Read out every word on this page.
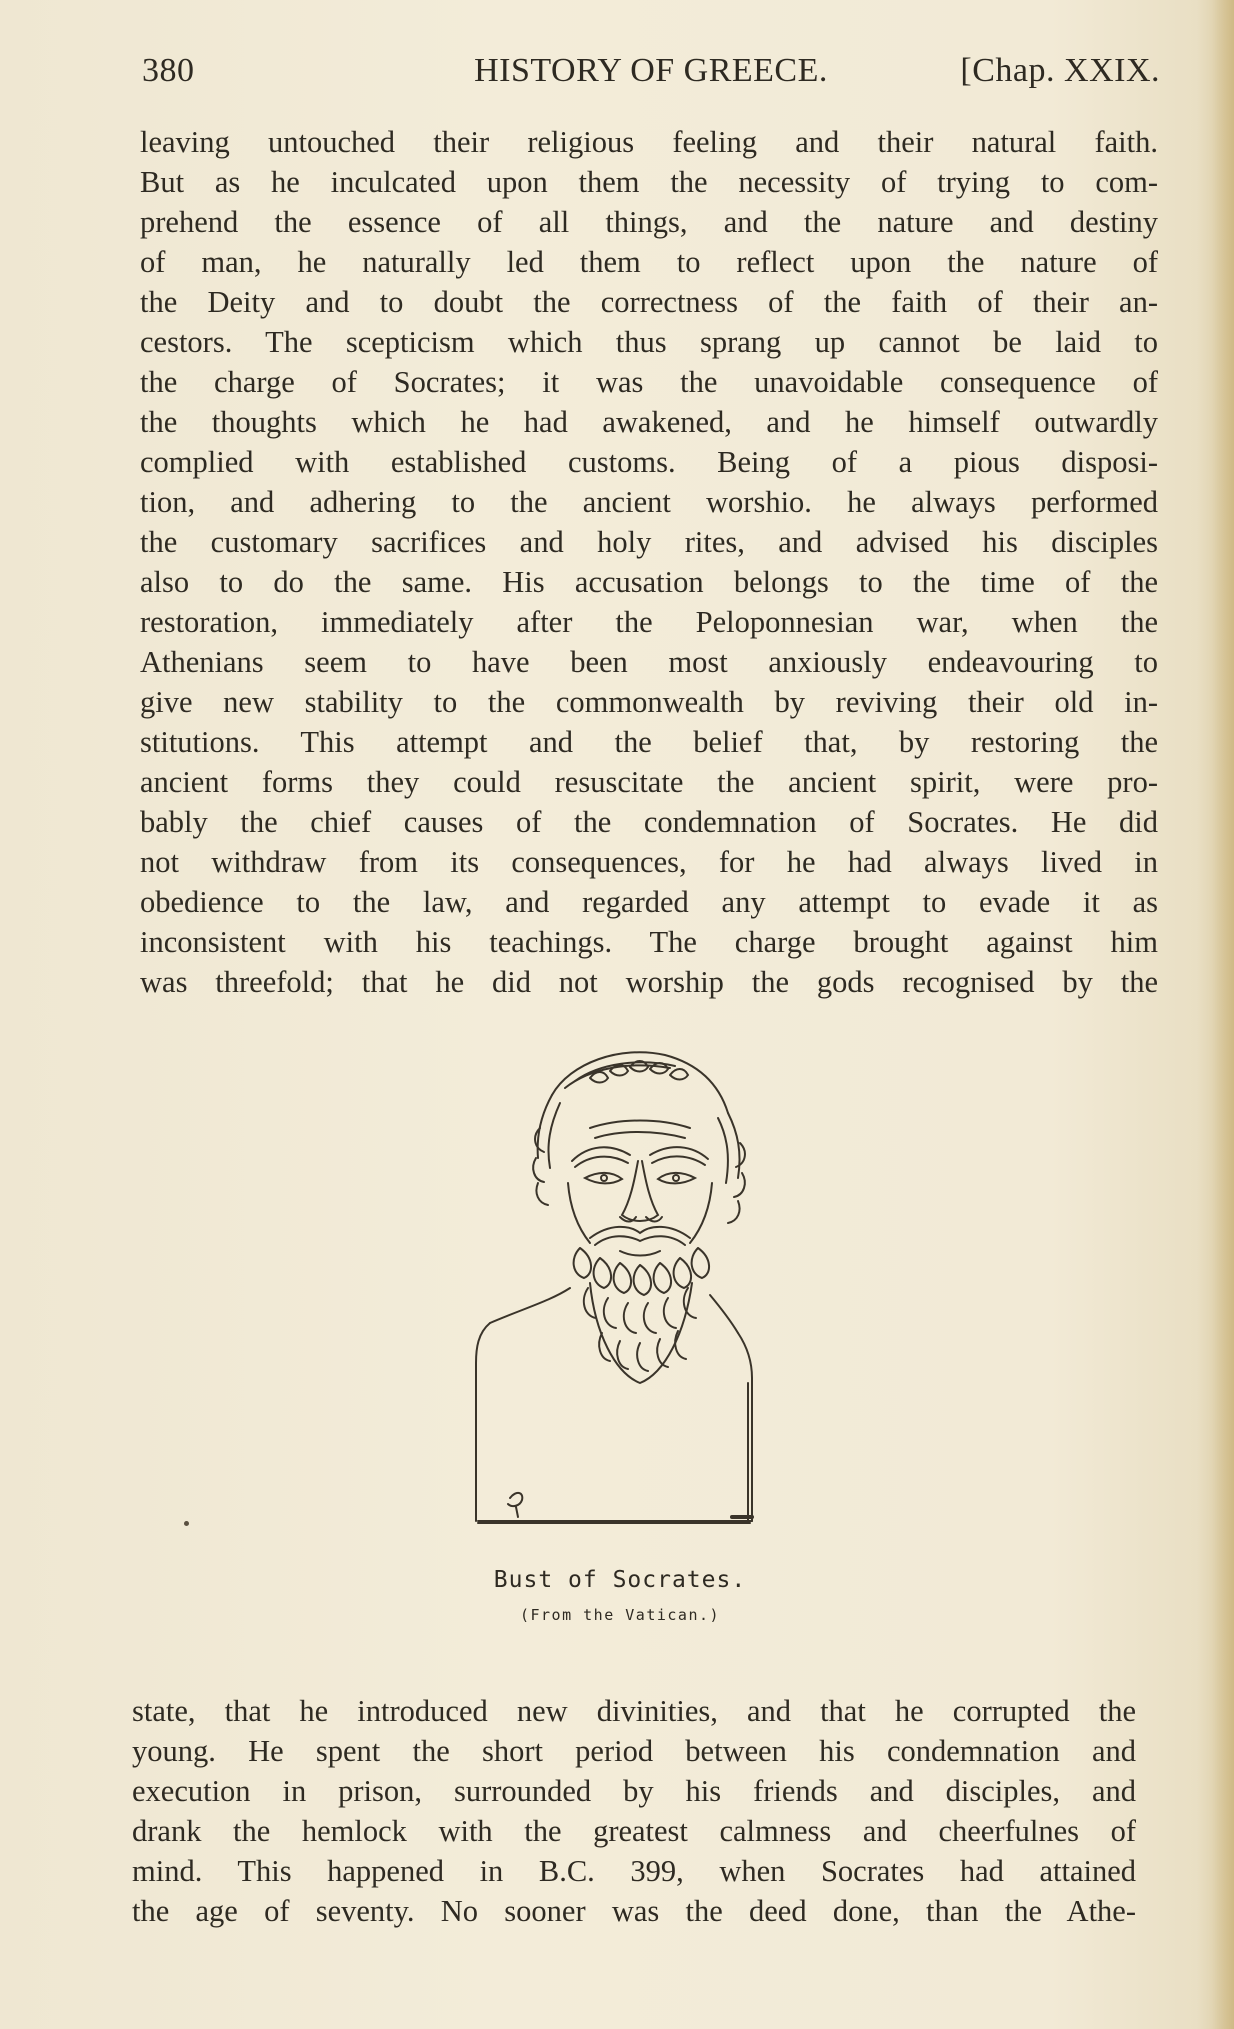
380	HISTORY OF GREECE.	[Chap. XXIX.
leaving untouched their religious feeling and their natural faith.
But as he inculcated upon them the necessity of trying to com-
prehend the essence of all things, and the nature and destiny
of man, he naturally led them to reflect upon the nature of
the Deity and to doubt the correctness of the faith of their an-
cestors. The scepticism which thus sprang up cannot be laid to
the charge of Socrates; it was the unavoidable consequence of
the thoughts which he had awakened, and he himself outwardly
complied with established customs. Being of a pious disposi-
tion, and adhering to the ancient worshio. he always performed
the customary sacrifices and holy rites, and advised his disciples
also to do the same. His accusation belongs to the time of the
restoration, immediately after the Peloponnesian war, when the
Athenians seem to have been most anxiously endeavouring to
give new stability to the commonwealth by reviving their old in-
stitutions. This attempt and the belief that, by restoring the
ancient forms they could resuscitate the ancient spirit, were pro-
bably the chief causes of the condemnation of Socrates. He did
not withdraw from its consequences, for he had always lived in
obedience to the law, and regarded any attempt to evade it as
inconsistent with his teachings. The charge brought against him
was threefold; that he did not worship the gods recognised by the
Bust of Socrates.
(From the Vatican.)
state, that he introduced new divinities, and that he corrupted the
young. He spent the short period between his condemnation and
execution in prison, surrounded by his friends and disciples, and
drank the hemlock with the greatest calmness and cheerfulnes of
mind. This happened in B.C. 399, when Socrates had attained
the age of seventy. No sooner was the deed done, than the Athe-
